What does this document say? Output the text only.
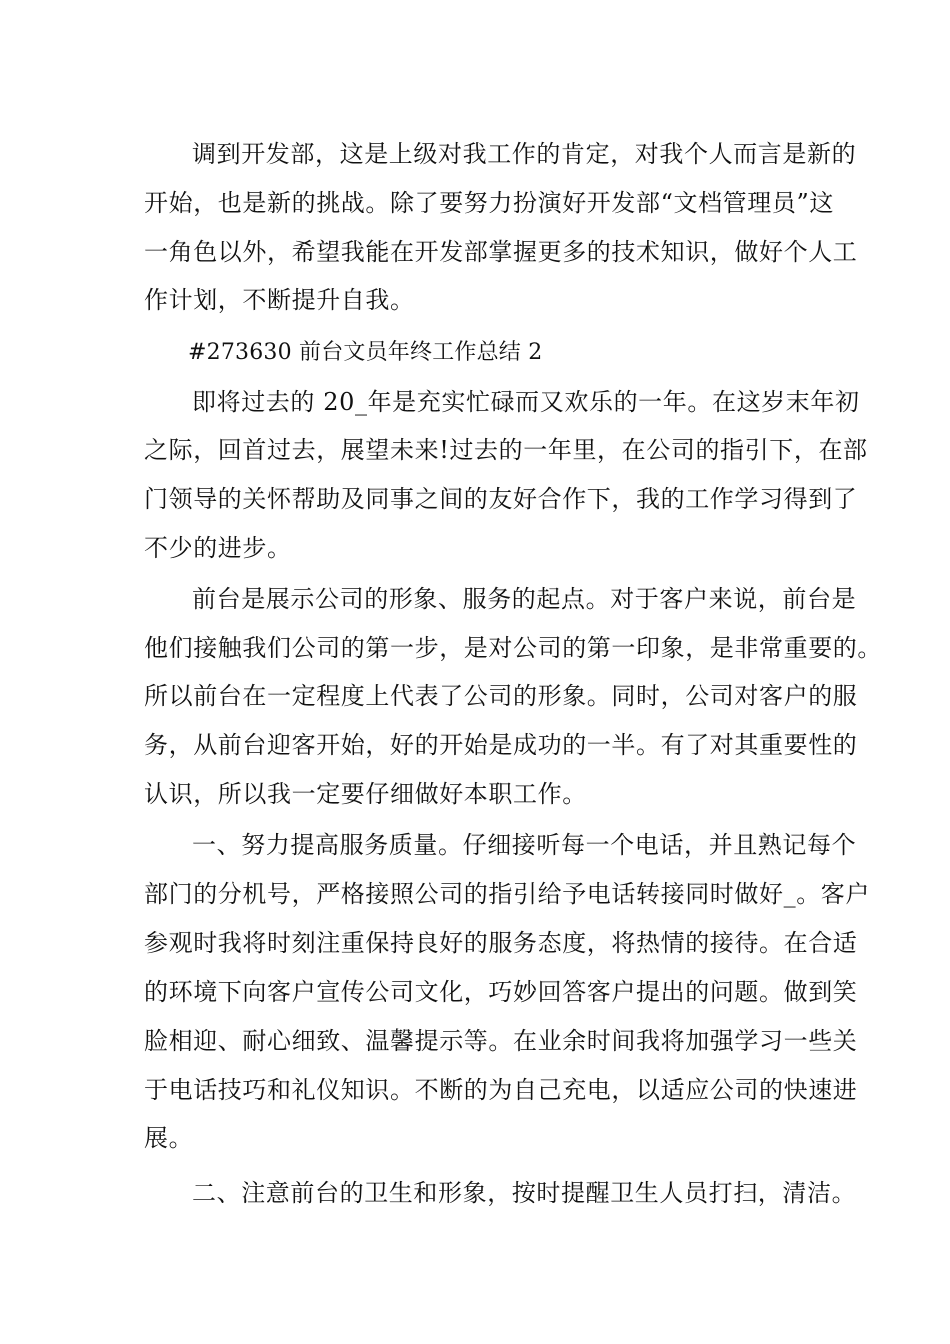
调到开发部，这是上级对我工作的肯定，对我个人而言是新的
开始，也是新的挑战。除了要努力扮演好开发部“文档管理员”这
一角色以外，希望我能在开发部掌握更多的技术知识，做好个人工
作计划，不断提升自我。
#273630 前台文员年终工作总结 2
即将过去的 20_年是充实忙碌而又欢乐的一年。在这岁末年初
之际，回首过去，展望未来!过去的一年里，在公司的指引下，在部
门领导的关怀帮助及同事之间的友好合作下，我的工作学习得到了
不少的进步。
前台是展示公司的形象、服务的起点。对于客户来说，前台是
他们接触我们公司的第一步，是对公司的第一印象，是非常重要的。
所以前台在一定程度上代表了公司的形象。同时，公司对客户的服
务，从前台迎客开始，好的开始是成功的一半。有了对其重要性的
认识，所以我一定要仔细做好本职工作。
一、努力提高服务质量。仔细接听每一个电话，并且熟记每个
部门的分机号，严格接照公司的指引给予电话转接同时做好_。客户
参观时我将时刻注重保持良好的服务态度，将热情的接待。在合适
的环境下向客户宣传公司文化，巧妙回答客户提出的问题。做到笑
脸相迎、耐心细致、温馨提示等。在业余时间我将加强学习一些关
于电话技巧和礼仪知识。不断的为自己充电，以适应公司的快速进
展。
二、注意前台的卫生和形象，按时提醒卫生人员打扫，清洁。
